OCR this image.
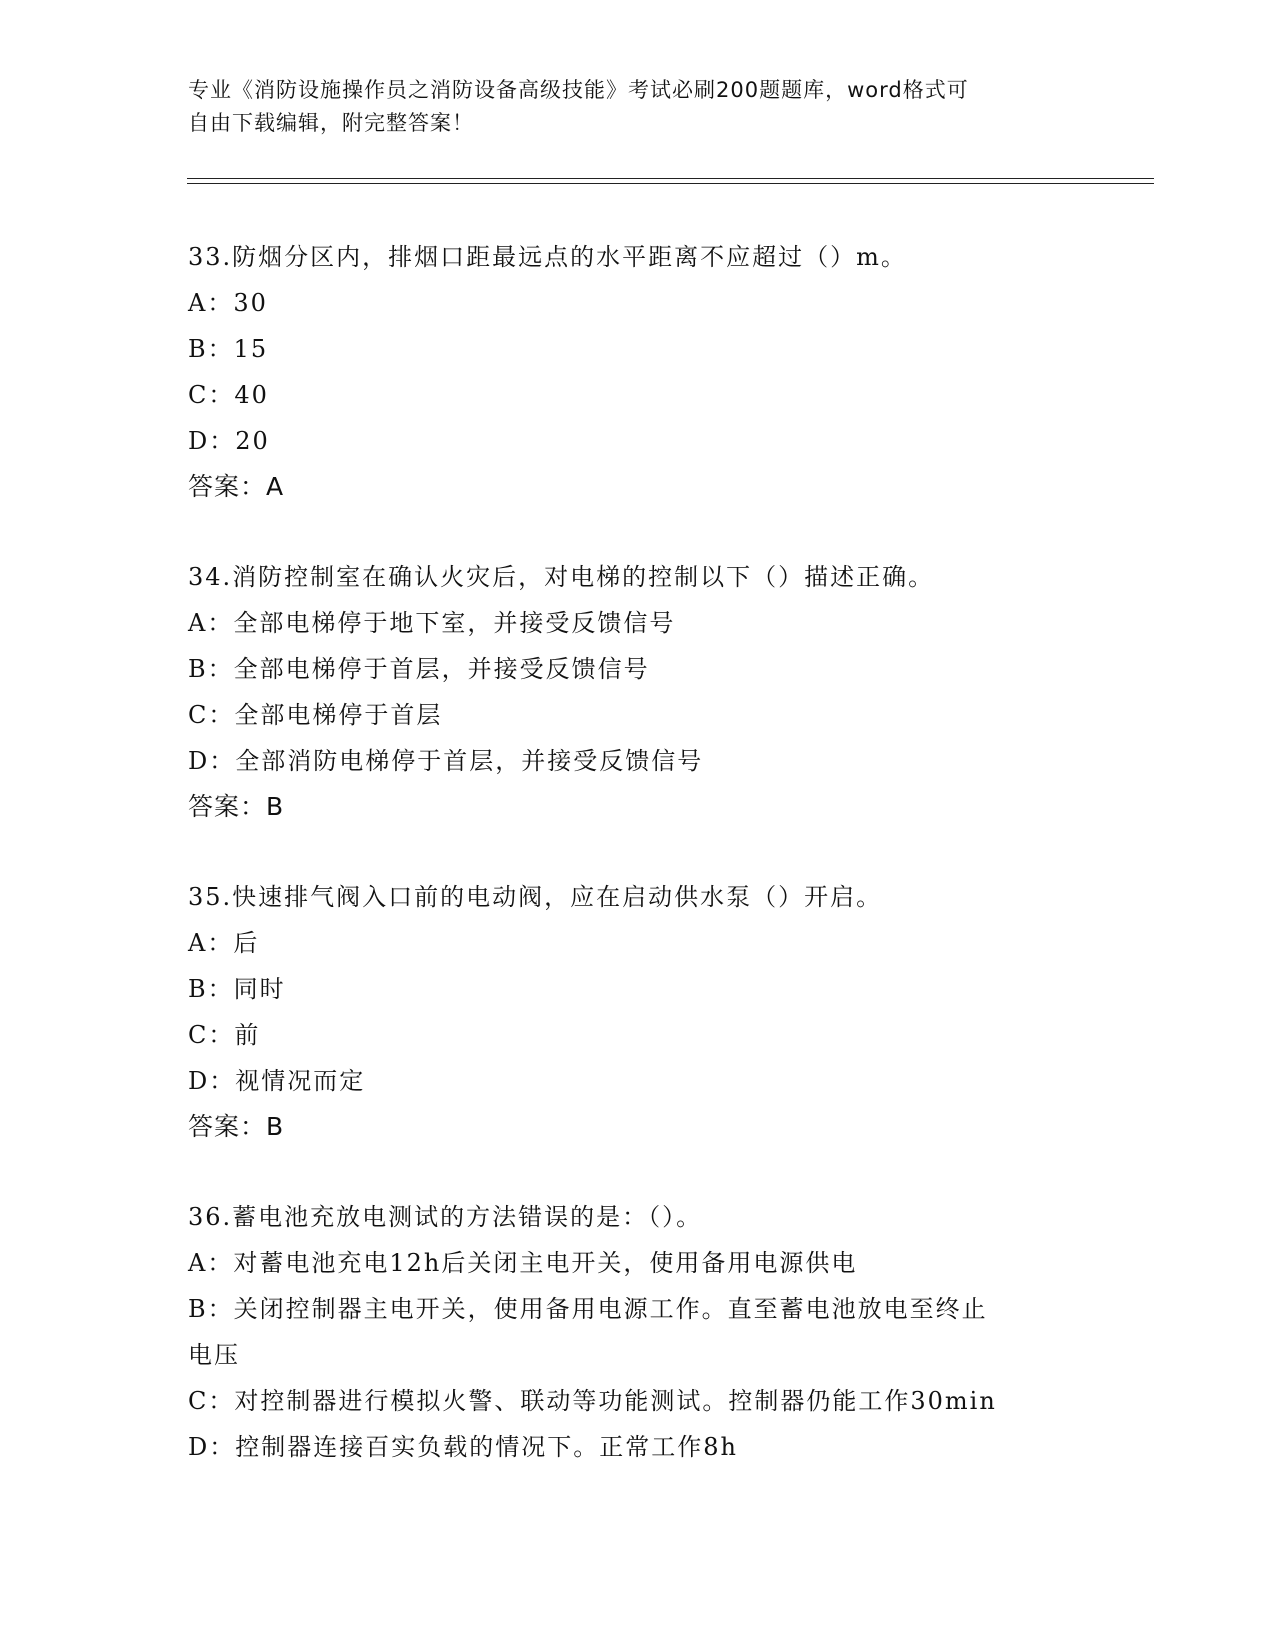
专业《消防设施操作员之消防设备高级技能》考试必刷200题题库，word格式可
自由下载编辑，附完整答案！
33.防烟分区内，排烟口距最远点的水平距离不应超过（）m。
A：30
B：15
C：40
D：20
答案：A
34.消防控制室在确认火灾后，对电梯的控制以下（）描述正确。
A：全部电梯停于地下室，并接受反馈信号
B：全部电梯停于首层，并接受反馈信号
C：全部电梯停于首层
D：全部消防电梯停于首层，并接受反馈信号
答案：B
35.快速排气阀入口前的电动阀，应在启动供水泵（）开启。
A：后
B：同时
C：前
D：视情况而定
答案：B
36.蓄电池充放电测试的方法错误的是：（）。
A：对蓄电池充电12h后关闭主电开关，使用备用电源供电
B：关闭控制器主电开关，使用备用电源工作。直至蓄电池放电至终止
电压
C：对控制器进行模拟火警、联动等功能测试。控制器仍能工作30min
D：控制器连接百实负载的情况下。正常工作8h
